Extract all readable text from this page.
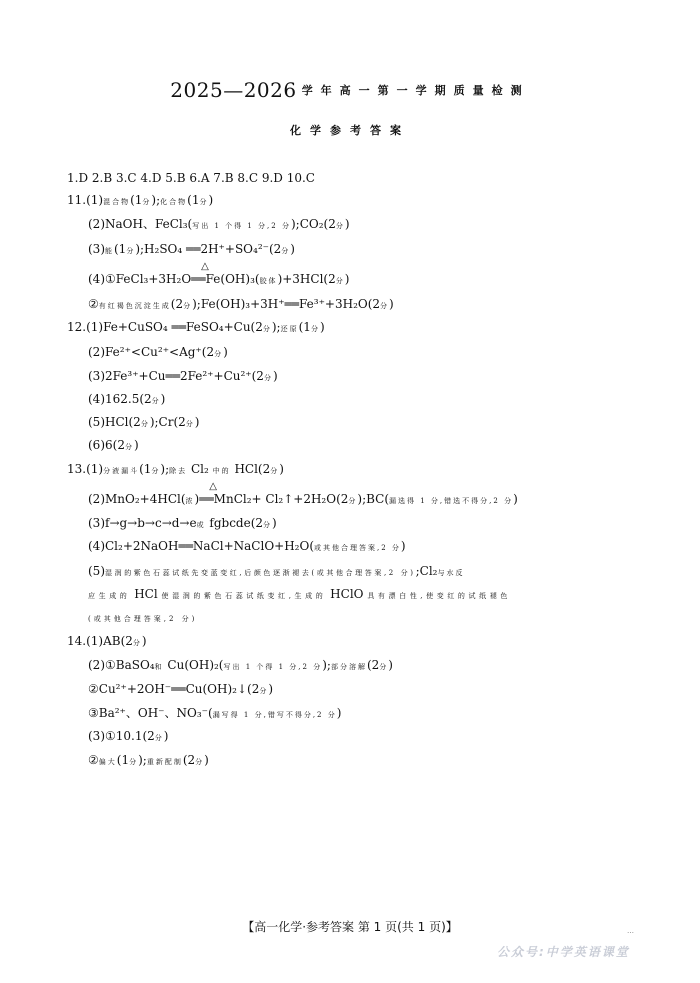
2025—2026 学年高一第一学期质量检测
化学参考答案
1.D 2.B 3.C 4.D 5.B 6.A 7.B 8.C 9.D 10.C
11.(1)混合物(1分);化合物(1分)
(2)NaOH、FeCl₃(写出 1 个得 1 分,2 分);CO₂(2分)
(3)能(1分);H₂SO₄ ══2H⁺+SO₄²⁻(2分)
(4)①FeCl₃+3H₂O
△
══Fe(OH)₃(胶体)+3HCl(2分)
②有红褐色沉淀生成(2分);Fe(OH)₃+3H⁺══Fe³⁺+3H₂O(2分)
12.(1)Fe+CuSO₄ ══FeSO₄+Cu(2分);还原(1分)
(2)Fe²⁺<Cu²⁺<Ag⁺(2分)
(3)2Fe³⁺+Cu══2Fe²⁺+Cu²⁺(2分)
(4)162.5(2分)
(5)HCl(2分);Cr(2分)
(6)6(2分)
13.(1)分液漏斗(1分);除去 Cl₂ 中的 HCl(2分)
(2)MnO₂+4HCl(浓)
△
══MnCl₂+ Cl₂↑+2H₂O(2分);BC(漏选得 1 分,错选不得分,2 分)
(3)f→g→b→c→d→e或 fgbcde(2分)
(4)Cl₂+2NaOH══NaCl+NaClO+H₂O(或其他合理答案,2 分)
(5)湿润的紫色石蕊试纸先变蓝变红,后颜色逐渐褪去(或其他合理答案,2 分);Cl₂与水反
应生成的 HCl 使湿润的紫色石蕊试纸变红,生成的 HClO 具有漂白性,使变红的试纸褪色
(或其他合理答案,2 分)
14.(1)AB(2分)
(2)①BaSO₄和 Cu(OH)₂(写出 1 个得 1 分,2 分);部分溶解(2分)
②Cu²⁺+2OH⁻══Cu(OH)₂↓(2分)
③Ba²⁺、OH⁻、NO₃⁻(漏写得 1 分,错写不得分,2 分)
(3)①10.1(2分)
②偏大(1分);重新配制(2分)
【高一化学·参考答案 第 1 页(共 1 页)】	…
公众号:中学英语课堂
